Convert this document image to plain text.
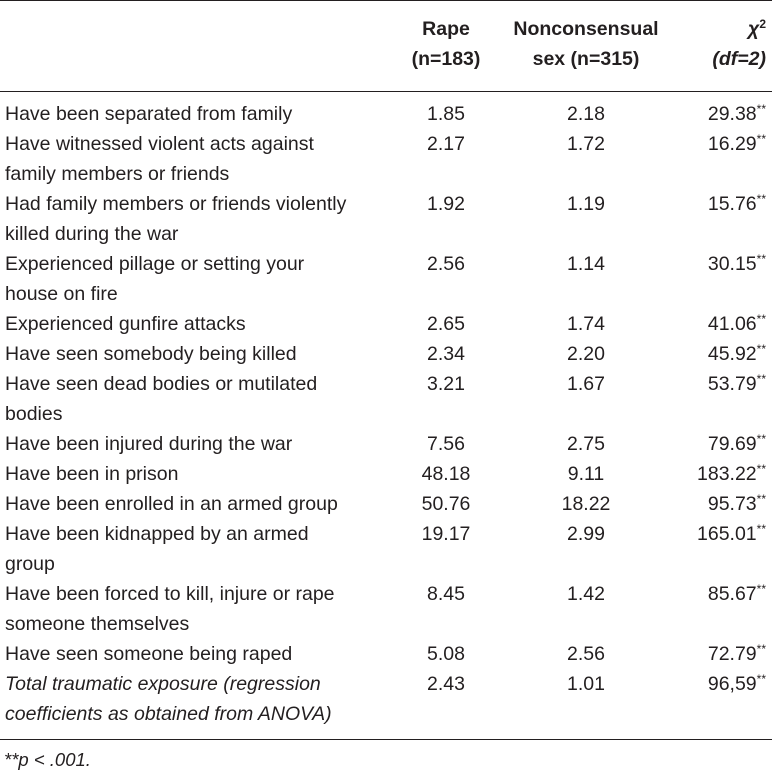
Rape
(n=183)
Nonconsensual
sex (n=315)
$\chi^2$
(df=2)
Have been separated from family	1.85	2.18	29.38**
Have witnessed violent acts against
family members or friends
2.17	1.72	16.29**
Had family members or friends violently
killed during the war
1.92	1.19	15.76**
Experienced pillage or setting your
house on fire
2.56	1.14	30.15**
Experienced gunfire attacks	2.65	1.74	41.06**
Have seen somebody being killed	2.34	2.20	45.92**
Have seen dead bodies or mutilated
bodies
3.21	1.67	53.79**
Have been injured during the war	7.56	2.75	79.69**
Have been in prison	48.18	9.11	183.22**
Have been enrolled in an armed group	50.76	18.22	95.73**
Have been kidnapped by an armed
group
19.17	2.99	165.01**
Have been forced to kill, injure or rape
someone themselves
8.45	1.42	85.67**
Have seen someone being raped	5.08	2.56	72.79**
Total traumatic exposure (regression
coefficients as obtained from ANOVA)
2.43	1.01	96,59**
**p < .001.
